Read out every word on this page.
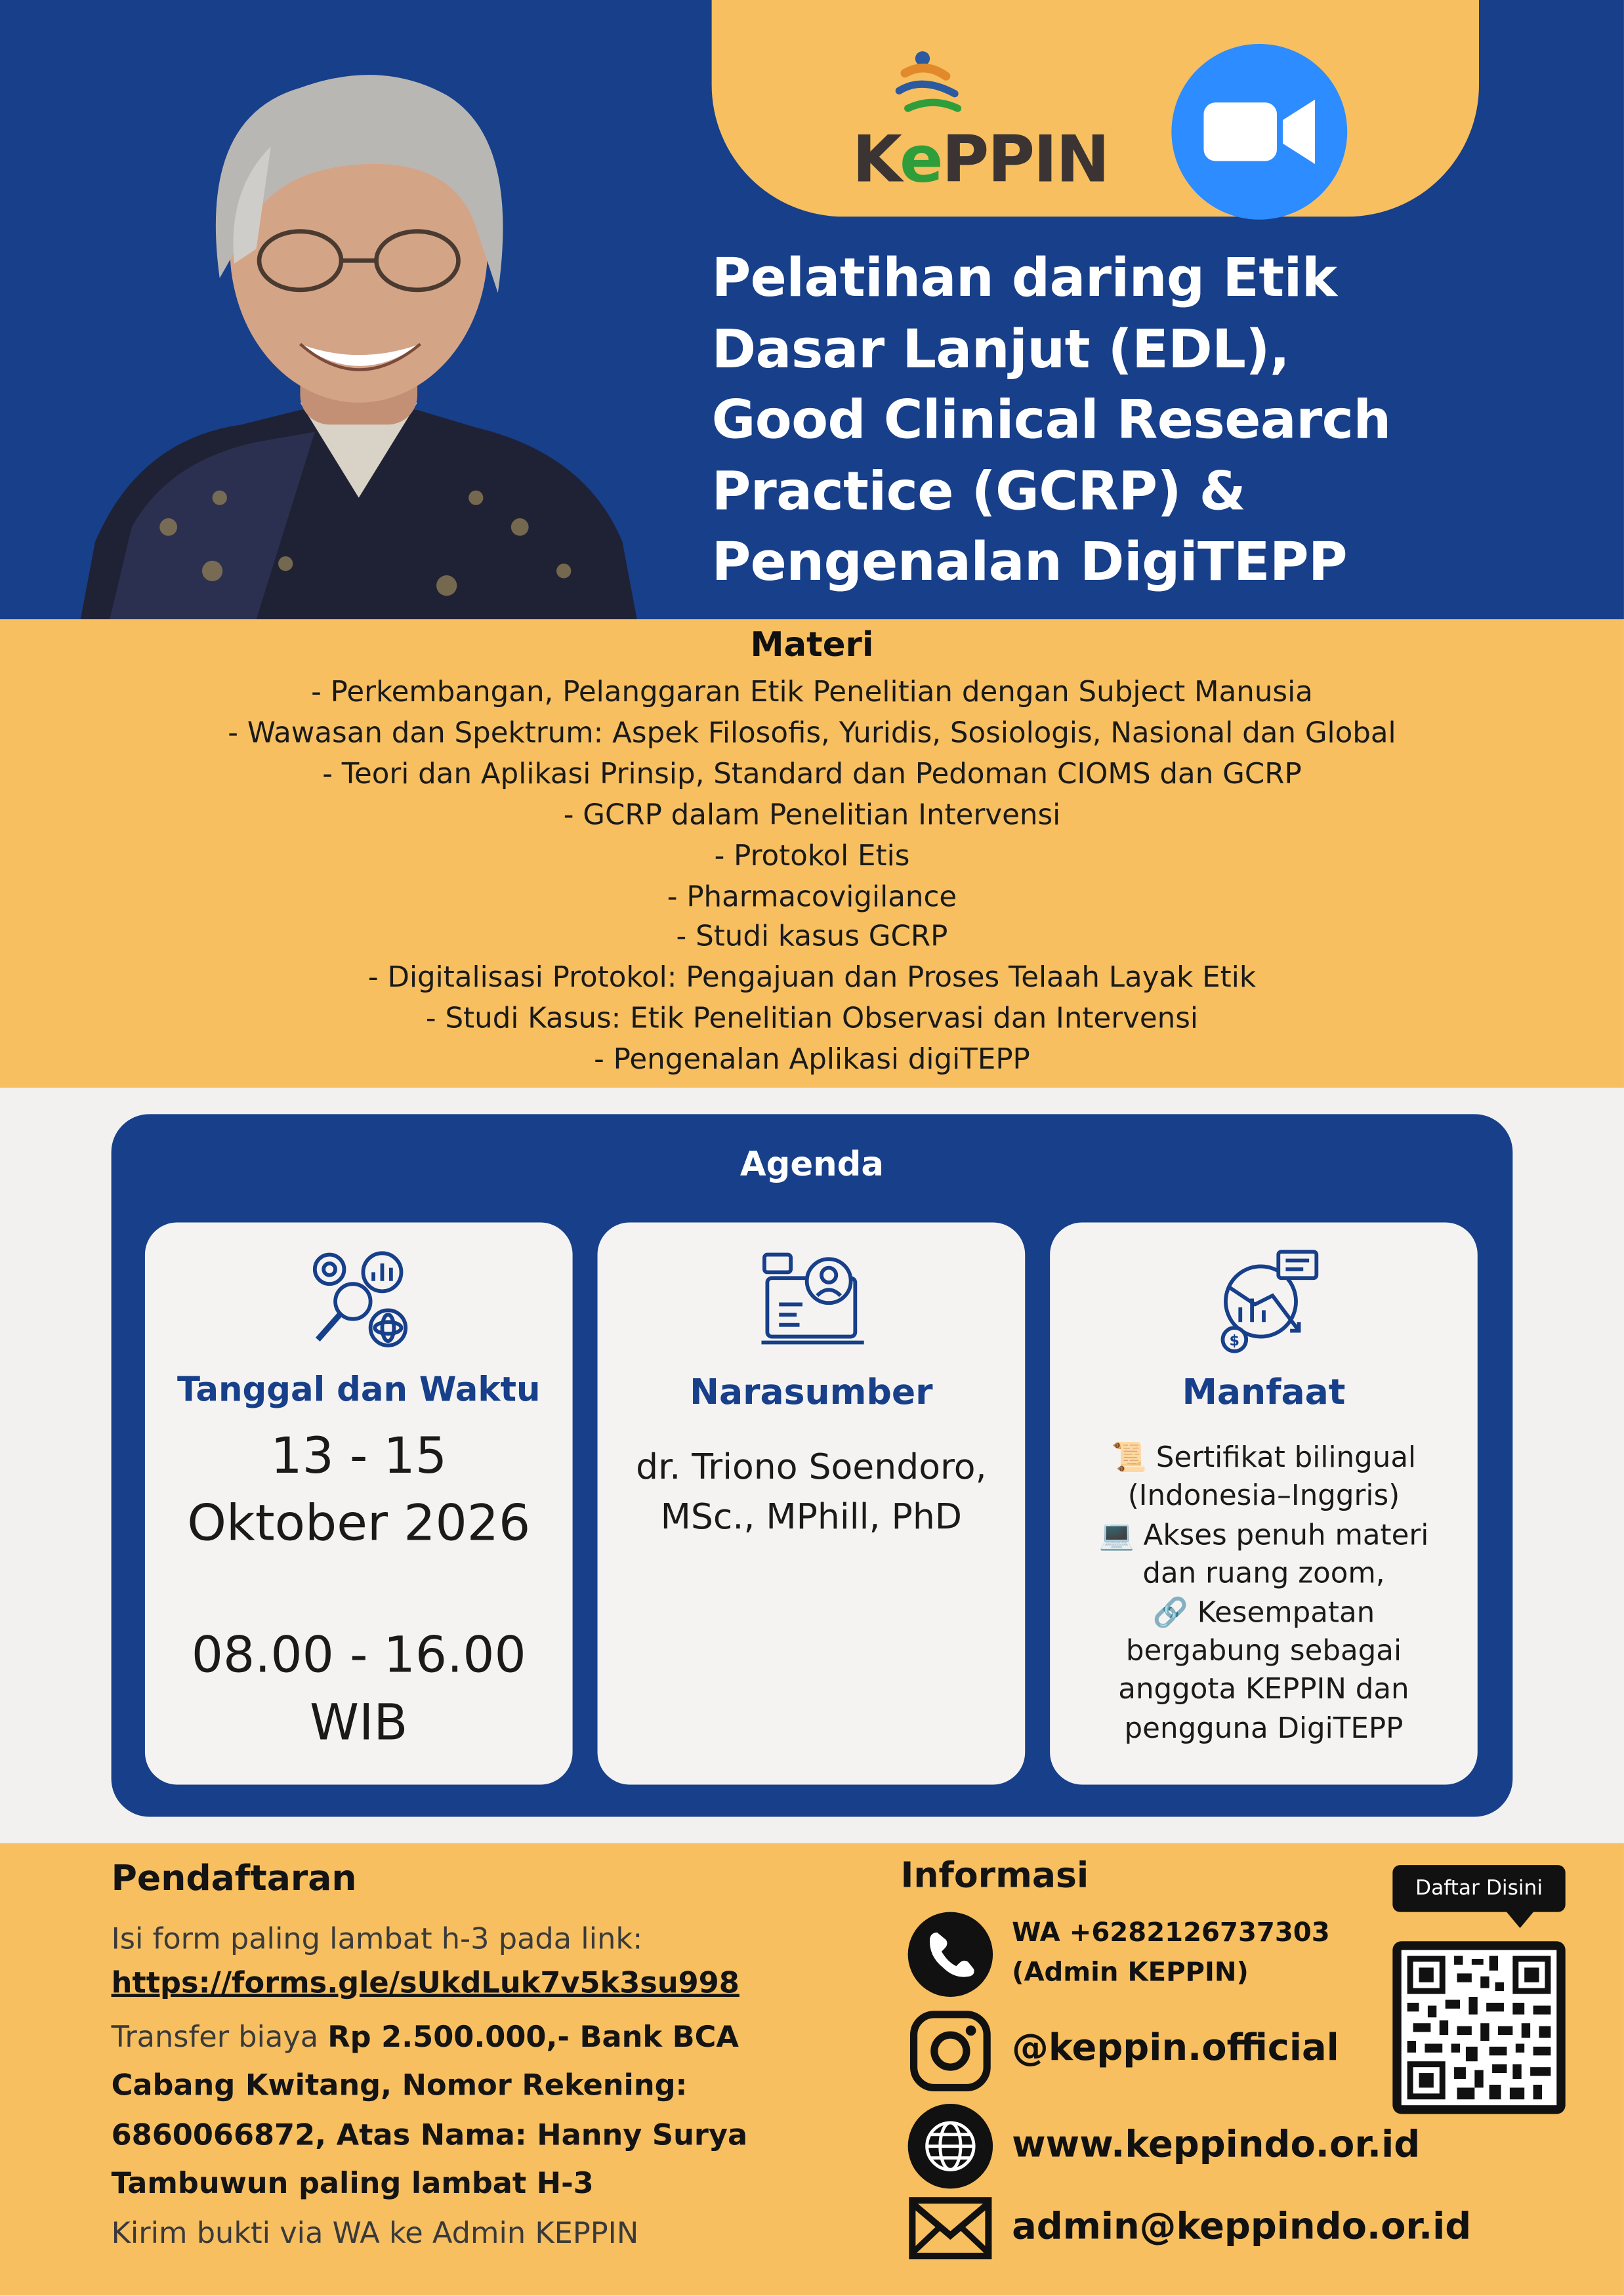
KePPIN
Pelatihan daring Etik
Dasar Lanjut (EDL),
Good Clinical Research
Practice (GCRP) &
Pengenalan DigiTEPP
Materi
- Perkembangan, Pelanggaran Etik Penelitian dengan Subject Manusia
- Wawasan dan Spektrum: Aspek Filosofis, Yuridis, Sosiologis, Nasional dan Global
- Teori dan Aplikasi Prinsip, Standard dan Pedoman CIOMS dan GCRP
- GCRP dalam Penelitian Intervensi
- Protokol Etis
- Pharmacovigilance
- Studi kasus GCRP
- Digitalisasi Protokol: Pengajuan dan Proses Telaah Layak Etik
- Studi Kasus: Etik Penelitian Observasi dan Intervensi
- Pengenalan Aplikasi digiTEPP
Agenda
Tanggal dan Waktu
13 - 15
Oktober 2026
08.00 - 16.00
WIB
Narasumber
dr. Triono Soendoro,
MSc., MPhill, PhD
$
Manfaat
📜 Sertifikat bilingual
(Indonesia–Inggris)
💻 Akses penuh materi
dan ruang zoom,
🔗 Kesempatan
bergabung sebagai
anggota KEPPIN dan
pengguna DigiTEPP
Pendaftaran
Isi form paling lambat h-3 pada link:
https://forms.gle/sUkdLuk7v5k3su998
Transfer biaya Rp 2.500.000,- Bank BCA
Cabang Kwitang, Nomor Rekening:
6860066872, Atas Nama: Hanny Surya
Tambuwun paling lambat H-3
Kirim bukti via WA ke Admin KEPPIN
Informasi
WA +6282126737303
(Admin KEPPIN)
@keppin.official
www.keppindo.or.id
admin@keppindo.or.id
Daftar Disini
